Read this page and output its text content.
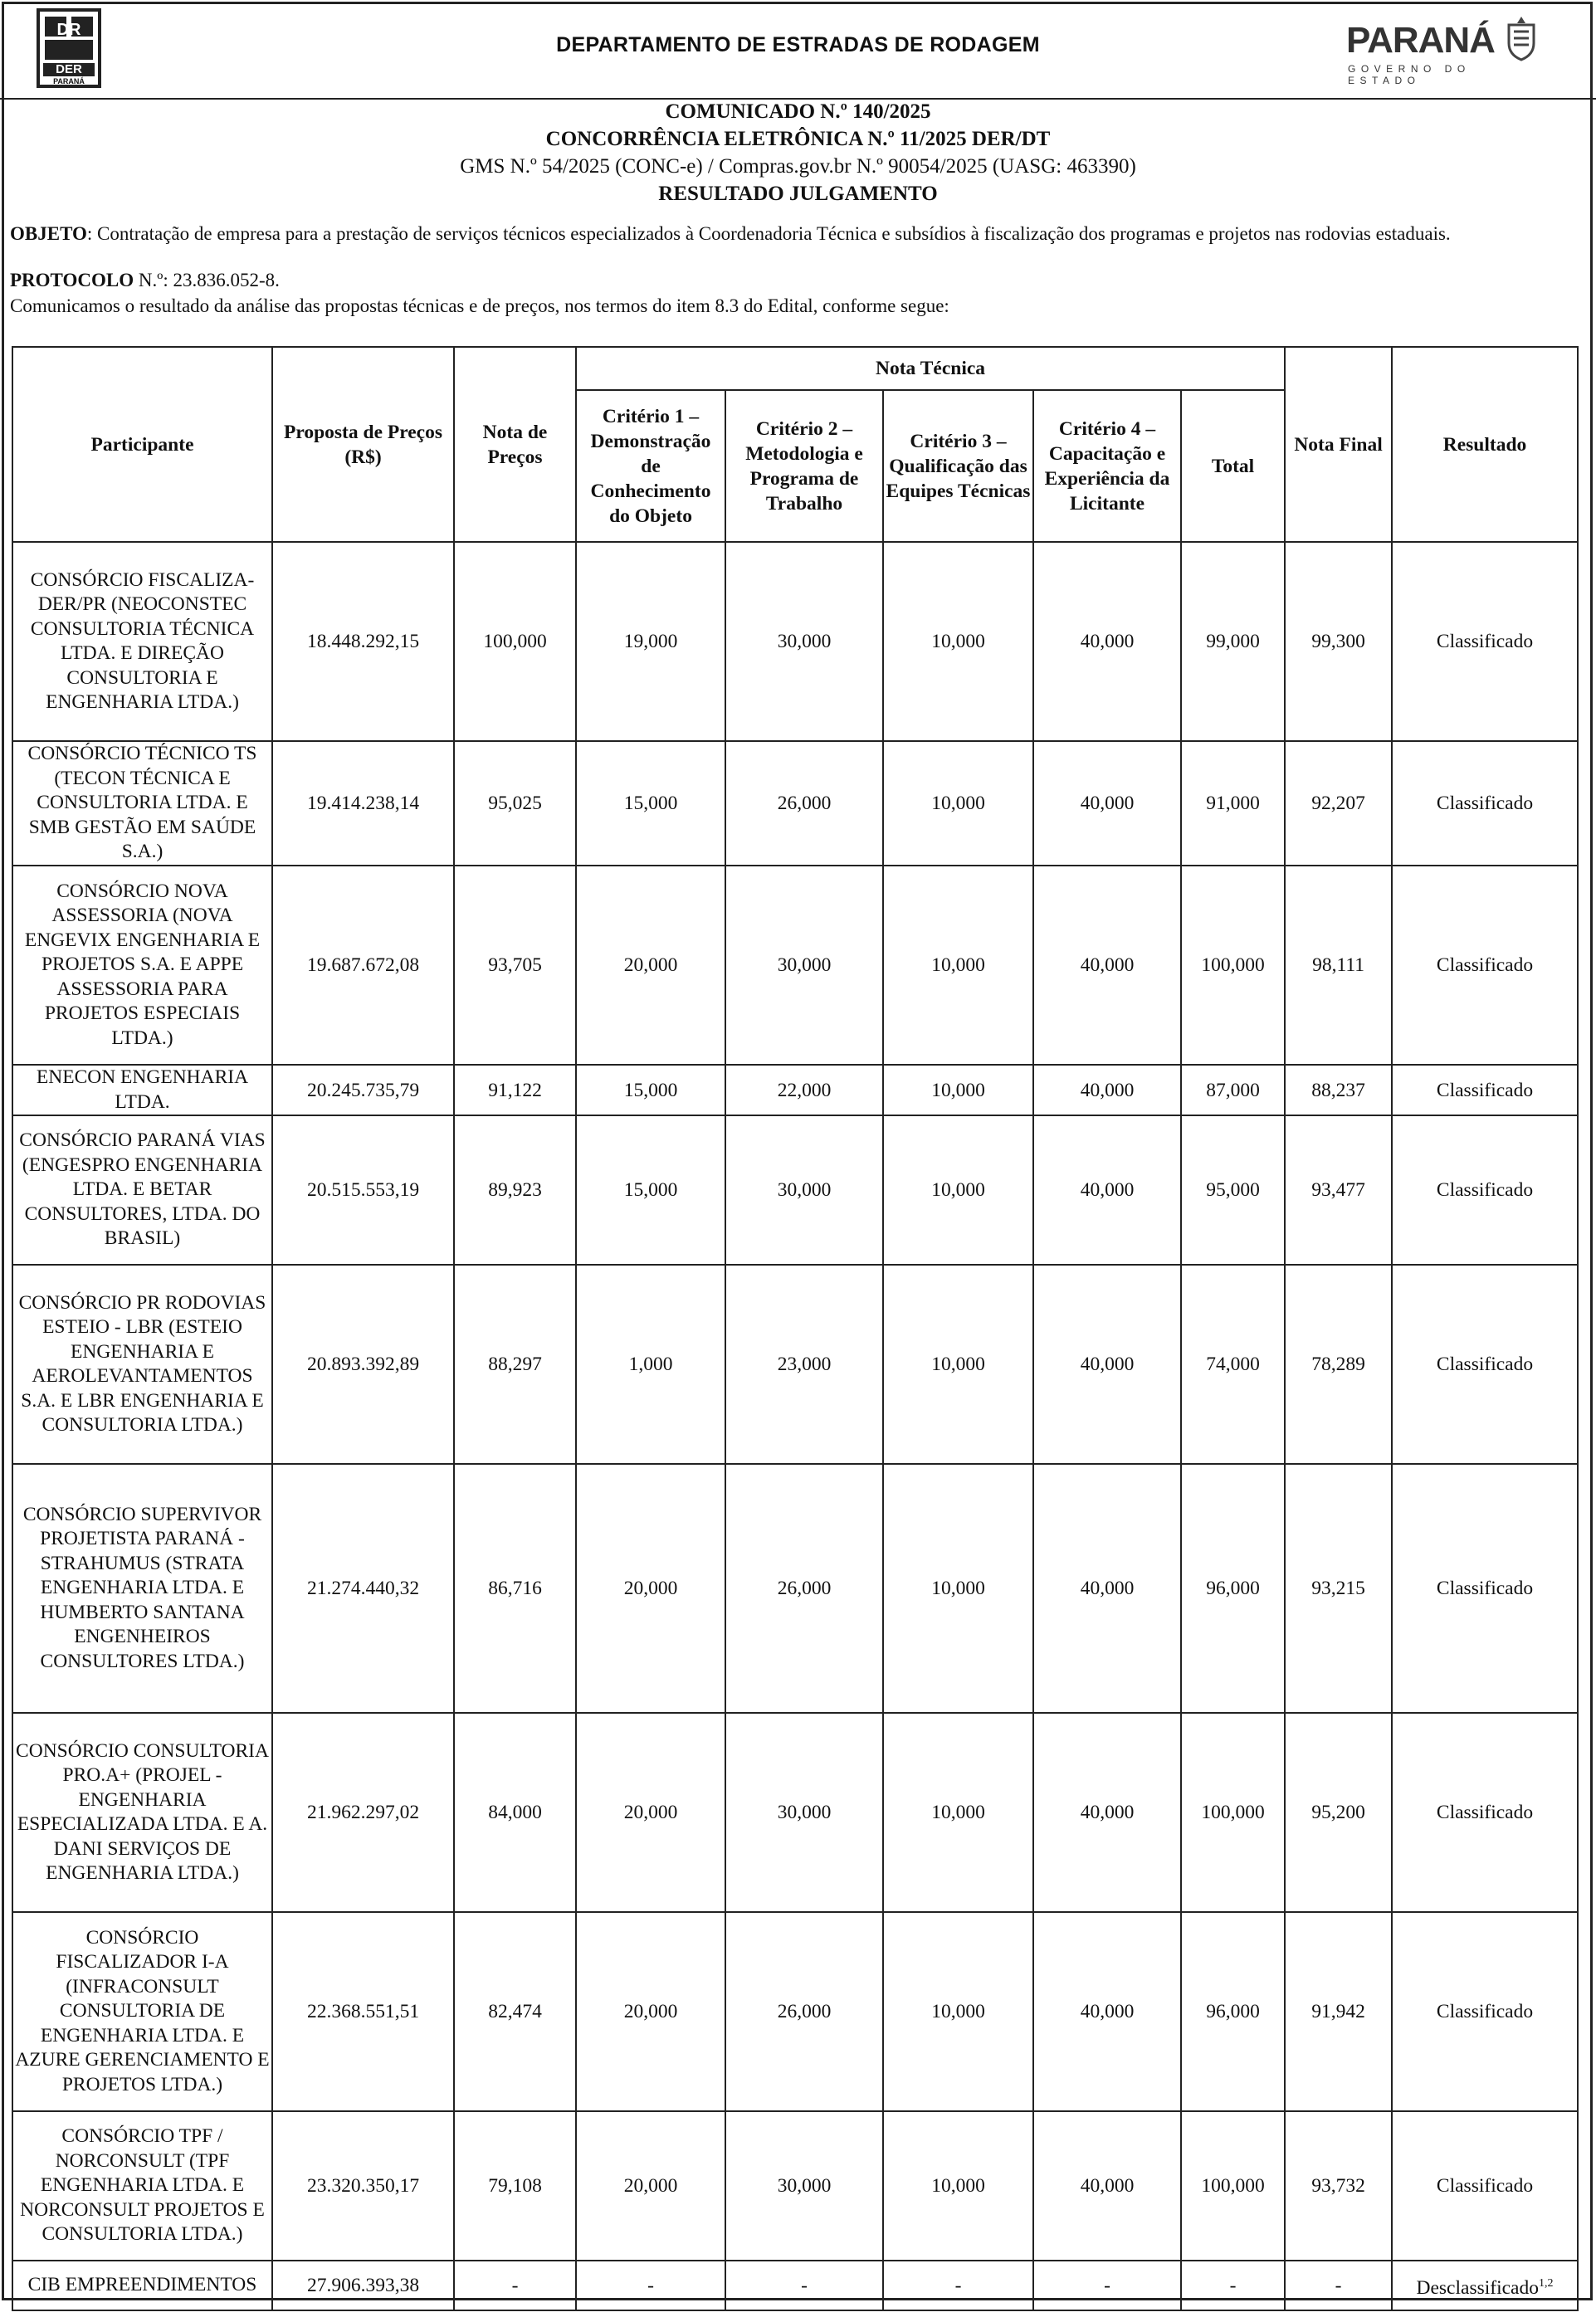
DR
DER
PARANÁ
DEPARTAMENTO DE ESTRADAS DE RODAGEM	PARANÁ
GOVERNO DO ESTADO
COMUNICADO N.º 140/2025
CONCORRÊNCIA ELETRÔNICA N.º 11/2025 DER/DT
GMS N.º 54/2025 (CONC-e) / Compras.gov.br N.º 90054/2025 (UASG: 463390)
RESULTADO JULGAMENTO
OBJETO: Contratação de empresa para a prestação de serviços técnicos especializados à Coordenadoria Técnica e subsídios à fiscalização dos programas e projetos nas rodovias estaduais.
PROTOCOLO N.º: 23.836.052-8.
Comunicamos o resultado da análise das propostas técnicas e de preços, nos termos do item 8.3 do Edital, conforme segue:
Participante	Proposta de Preços (R$)	Nota de Preços	Nota Técnica					Nota Final	Resultado
			Critério 1 – Demonstração de Conhecimento do Objeto	Critério 2 – Metodologia e Programa de Trabalho	Critério 3 – Qualificação das Equipes Técnicas	Critério 4 – Capacitação e Experiência da Licitante	Total		
CONSÓRCIO FISCALIZA-DER/PR (NEOCONSTEC CONSULTORIA TÉCNICA LTDA. E DIREÇÃO CONSULTORIA E ENGENHARIA LTDA.)	18.448.292,15	100,000	19,000	30,000	10,000	40,000	99,000	99,300	Classificado
CONSÓRCIO TÉCNICO TS (TECON TÉCNICA E CONSULTORIA LTDA. E SMB GESTÃO EM SAÚDE S.A.)	19.414.238,14	95,025	15,000	26,000	10,000	40,000	91,000	92,207	Classificado
CONSÓRCIO NOVA ASSESSORIA (NOVA ENGEVIX ENGENHARIA E PROJETOS S.A. E APPE ASSESSORIA PARA PROJETOS ESPECIAIS LTDA.)	19.687.672,08	93,705	20,000	30,000	10,000	40,000	100,000	98,111	Classificado
ENECON ENGENHARIA LTDA.	20.245.735,79	91,122	15,000	22,000	10,000	40,000	87,000	88,237	Classificado
CONSÓRCIO PARANÁ VIAS (ENGESPRO ENGENHARIA LTDA. E BETAR CONSULTORES, LTDA. DO BRASIL)	20.515.553,19	89,923	15,000	30,000	10,000	40,000	95,000	93,477	Classificado
CONSÓRCIO PR RODOVIAS ESTEIO - LBR (ESTEIO ENGENHARIA E AEROLEVANTAMENTOS S.A. E LBR ENGENHARIA E CONSULTORIA LTDA.)	20.893.392,89	88,297	1,000	23,000	10,000	40,000	74,000	78,289	Classificado
CONSÓRCIO SUPERVIVOR PROJETISTA PARANÁ - STRAHUMUS (STRATA ENGENHARIA LTDA. E HUMBERTO SANTANA ENGENHEIROS CONSULTORES LTDA.)	21.274.440,32	86,716	20,000	26,000	10,000	40,000	96,000	93,215	Classificado
CONSÓRCIO CONSULTORIA PRO.A+ (PROJEL - ENGENHARIA ESPECIALIZADA LTDA. E A. DANI SERVIÇOS DE ENGENHARIA LTDA.)	21.962.297,02	84,000	20,000	30,000	10,000	40,000	100,000	95,200	Classificado
CONSÓRCIO FISCALIZADOR I-A (INFRACONSULT CONSULTORIA DE ENGENHARIA LTDA. E AZURE GERENCIAMENTO E PROJETOS LTDA.)	22.368.551,51	82,474	20,000	26,000	10,000	40,000	96,000	91,942	Classificado
CONSÓRCIO TPF / NORCONSULT (TPF ENGENHARIA LTDA. E NORCONSULT PROJETOS E CONSULTORIA LTDA.)	23.320.350,17	79,108	20,000	30,000	10,000	40,000	100,000	93,732	Classificado
CIB EMPREENDIMENTOS	27.906.393,38	-	-	-	-	-	-	-	Desclassificado$^{1,2}$
